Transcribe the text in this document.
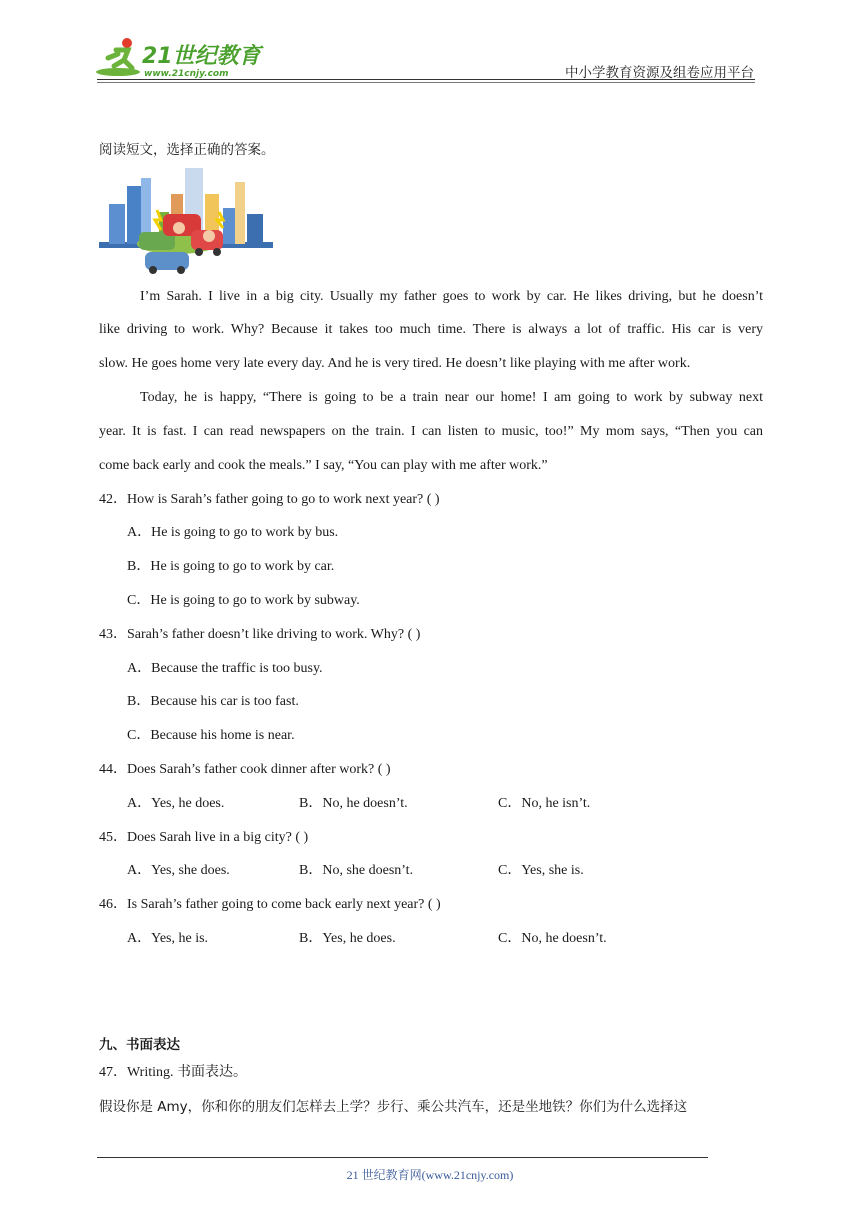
21世纪教育
www.21cnjy.com	中小学教育资源及组卷应用平台
阅读短文，选择正确的答案。
I’m Sarah. I live in a big city. Usually my father goes to work by car. He likes driving, but he doesn’t
like driving to work. Why? Because it takes too much time. There is always a lot of traffic. His car is very
slow. He goes home very late every day. And he is very tired. He doesn’t like playing with me after work.
Today, he is happy, “There is going to be a train near our home! I am going to work by subway next
year. It is fast. I can read newspapers on the train. I can listen to music, too!” My mom says, “Then you can
come back early and cook the meals.” I say, “You can play with me after work.”
42．How is Sarah’s father going to go to work next year? ( )
A．He is going to go to work by bus.
B．He is going to go to work by car.
C．He is going to go to work by subway.
43．Sarah’s father doesn’t like driving to work. Why? ( )
A．Because the traffic is too busy.
B．Because his car is too fast.
C．Because his home is near.
44．Does Sarah’s father cook dinner after work? ( )
A．Yes, he does.	B．No, he doesn’t.	C．No, he isn’t.
45．Does Sarah live in a big city? ( )
A．Yes, she does.	B．No, she doesn’t.	C．Yes, she is.
46．Is Sarah’s father going to come back early next year? ( )
A．Yes, he is.	B．Yes, he does.	C．No, he doesn’t.
九、书面表达
47．Writing. 书面表达。
假设你是 Amy，你和你的朋友们怎样去上学？步行、乘公共汽车，还是坐地铁？你们为什么选择这
21 世纪教育网(www.21cnjy.com)
